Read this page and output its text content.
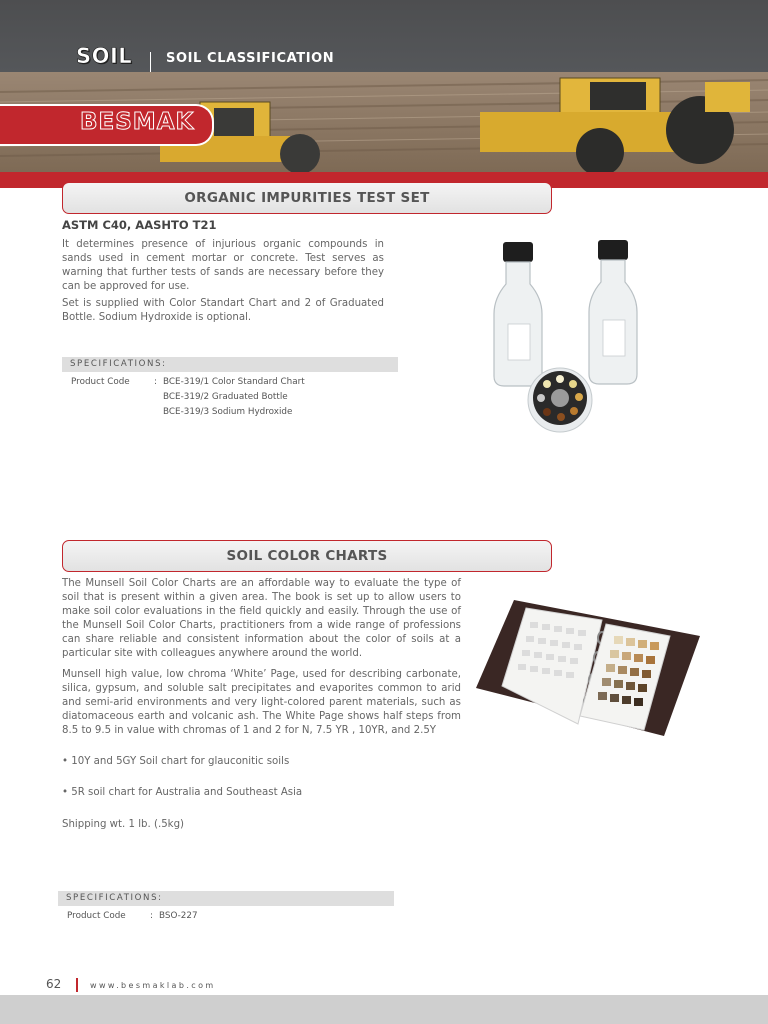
SOIL	SOIL CLASSIFICATION
BESMAK
ORGANIC IMPURITIES TEST SET
ASTM C40, AASHTO T21
It determines presence of injurious organic compounds in sands used in cement mortar or concrete. Test serves as warning that further tests of sands are necessary before they can be approved for use.
Set is supplied with Color Standart Chart and 2 of Graduated Bottle. Sodium Hydroxide is optional.
SPECIFICATIONS:
Product Code	: BCE-319/1 Color Standard Chart
BCE-319/2 Graduated Bottle
BCE-319/3 Sodium Hydroxide
SOIL COLOR CHARTS
The Munsell Soil Color Charts are an affordable way to evaluate the type of soil that is present within a given area. The book is set up to allow users to make soil color evaluations in the field quickly and easily. Through the use of the Munsell Soil Color Charts, practitioners from a wide range of professions can share reliable and consistent information about the color of soils at a particular site with colleagues anywhere around the world.
Munsell high value, low chroma ‘White’ Page, used for describing carbonate, silica, gypsum, and soluble salt precipitates and evaporites common to arid and semi-arid environments and very light-colored parent materials, such as diatomaceous earth and volcanic ash. The White Page shows half steps from 8.5 to 9.5 in value with chromas of 1 and 2 for N, 7.5 YR , 10YR, and 2.5Y
• 10Y and 5GY Soil chart for glauconitic soils
• 5R soil chart for Australia and Southeast Asia
Shipping wt. 1 lb. (.5kg)
SPECIFICATIONS:
Product Code	: BSO-227
62	www.besmaklab.com
